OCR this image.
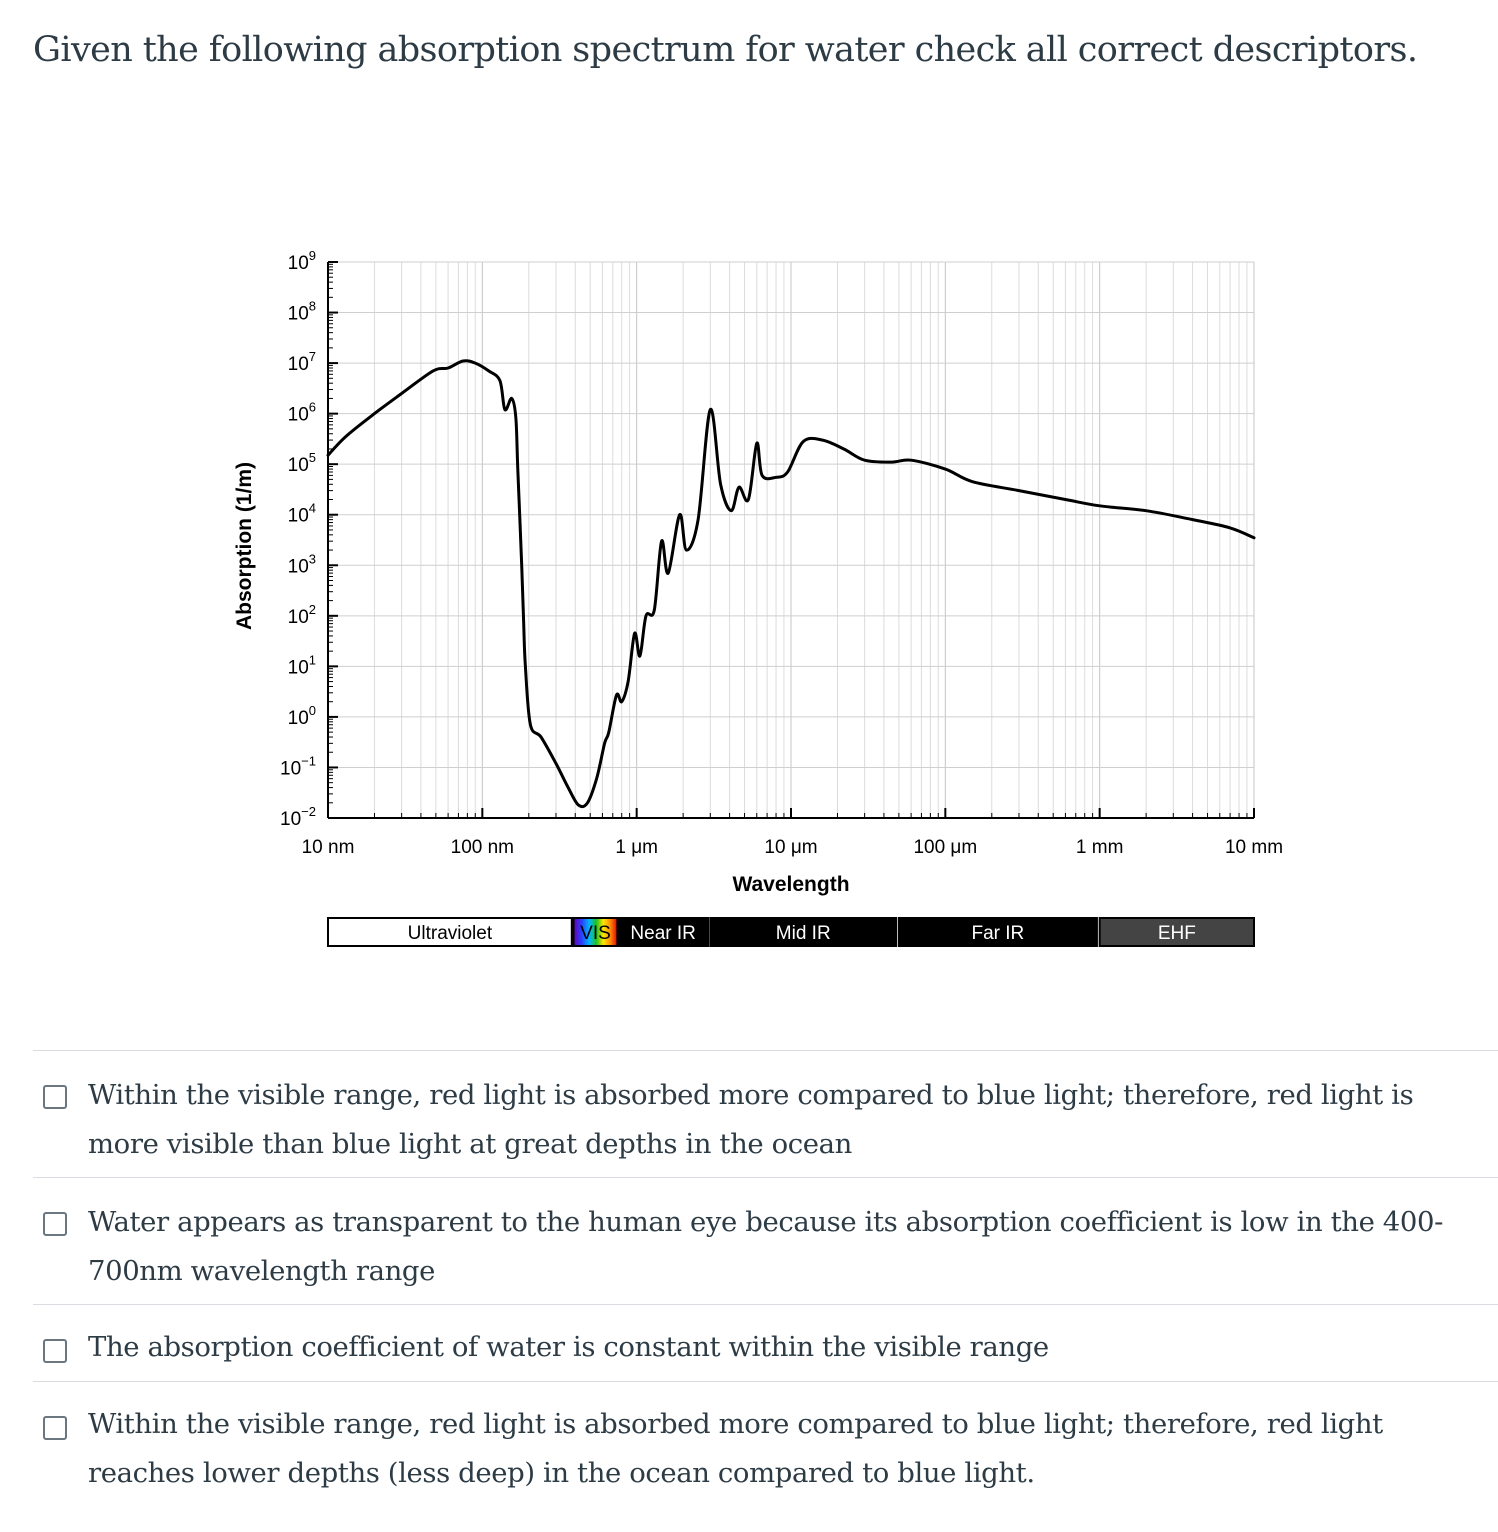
Given the following absorption spectrum for water check all correct descriptors.
$10^9$
$10^8$
$10^7$
$10^6$
$10^5$
$10^4$
$10^3$
$10^2$
$10^1$
$10^0$
$10^{-1}$
$10^{-2}$
10 nm	100 nm	1 μm	10 μm	100 μm	1 mm	10 mm
Wavelength
Absorption (1/m)
Ultraviolet	VIS Near IR	Mid IR	Far IR	EHF
Within the visible range, red light is absorbed more compared to blue light; therefore, red light is more visible than blue light at great depths in the ocean
Water appears as transparent to the human eye because its absorption coefficient is low in the 400-700nm wavelength range
The absorption coefficient of water is constant within the visible range
Within the visible range, red light is absorbed more compared to blue light; therefore, red light reaches lower depths (less deep) in the ocean compared to blue light.
